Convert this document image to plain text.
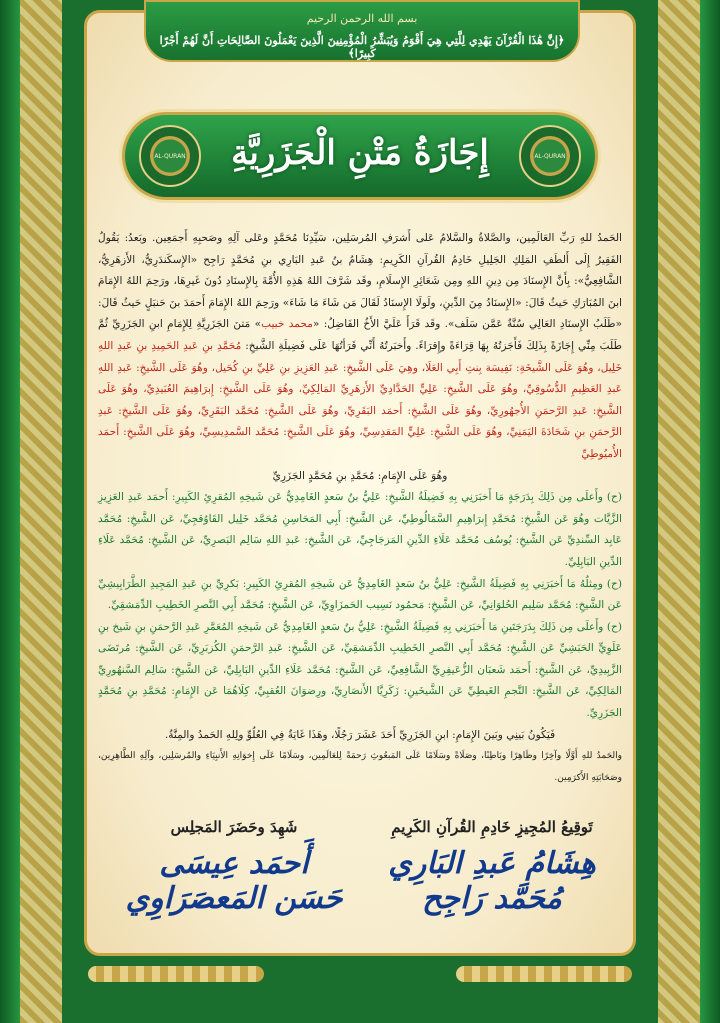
بسم الله الرحمن الرحيم
﴿إِنَّ هَٰذَا الْقُرْآنَ يَهْدِي لِلَّتِي هِيَ أَقْوَمُ وَيُبَشِّرُ الْمُؤْمِنِينَ الَّذِينَ يَعْمَلُونَ الصَّالِحَاتِ أَنَّ لَهُمْ أَجْرًا كَبِيرًا﴾
AL-QURAN	إِجَازَةُ مَتْنِ الْجَزَرِيَّةِ	AL-QURAN

الحَمدُ للهِ رَبِّ العَالَمِين، والصَّلاةُ والسَّلامُ عَلى أَشرَفِ المُرسَلِين، سَيِّدِنَا مُحَمَّدٍ وعَلى آلِهِ وصَحبِهِ أَجمَعِين. وبَعدُ: يَقُولُ الفَقِيرُ إِلَى أَلطَفِ المَلِكِ الجَلِيلِ خَادِمُ القُرآنِ الكَرِيمِ: هِشَامُ بنُ عَبدِ البَارِي بنِ مُحَمَّدٍ رَاجِح «الإِسكَندَرِيُّ، الأَزهَرِيُّ، الشَّافِعِيُّ»: بِأَنَّ الإِسنَادَ مِن دِينِ اللهِ ومِن شَعَائِرِ الإِسلَامِ، وقَد شَرَّفَ اللهُ هَذِهِ الأُمَّةَ بِالإِسنَادِ دُونَ غَيرِهَا، ورَحِمَ اللهُ الإِمَامَ ابنَ المُبَارَكِ حَيثُ قَالَ: «الإِسنَادُ مِنَ الدِّينِ، ولَولَا الإِسنَادُ لَقَالَ مَن شَاءَ مَا شَاءَ» ورَحِمَ اللهُ الإِمَامَ أَحمَدَ بنَ حَنبَلٍ حَيثُ قَالَ: «طَلَبُ الإِسنَادِ العَالِي سُنَّةٌ عَمَّن سَلَف». وقَد قَرَأَ عَلَيَّ الأَخُ الفَاضِلُ: «محمد خبيب» مَتنَ الجَزَرِيَّةِ لِلإِمَامِ ابنِ الجَزَرِيِّ ثُمَّ طَلَبَ مِنِّي إِجَازَةً بِذَلِكَ فَأَجَزتُهُ بِهَا قِرَاءَةً وإِقرَاءً. وأَخبَرتُهُ أَنِّي قَرَأتُهَا عَلَى فَضِيلَةِ الشَّيخِ: مُحَمَّدِ بنِ عَبدِ الحَمِيدِ بنِ عَبدِ اللهِ خَلِيل، وهُوَ عَلَى الشَّيخَةِ: نَفِيسَة بِنتِ أَبِي العَلَا، وهِيَ عَلَى الشَّيخِ: عَبدِ العَزِيزِ بنِ عَلِيِّ بنِ كُحَيل، وهُوَ عَلَى الشَّيخِ: عَبدِ اللهِ عَبدِ العَظِيمِ الدُّسُوقِيِّ، وهُوَ عَلَى الشَّيخِ: عَلِيٍّ الحَدَّادِيِّ الأَزهَرِيِّ المَالِكِيِّ، وهُوَ عَلَى الشَّيخِ: إِبرَاهِيمَ العُبَيدِيِّ، وهُوَ عَلَى الشَّيخِ: عَبدِ الرَّحمَنِ الأُجهُورِيِّ، وهُوَ عَلَى الشَّيخِ: أَحمَد البَقَرِيِّ، وهُوَ عَلَى الشَّيخِ: مُحَمَّد البَقَرِيِّ، وهُوَ عَلَى الشَّيخِ: عَبدِ الرَّحمَنِ بنِ شَحَادَةَ اليَمَنِيِّ، وهُوَ عَلَى الشَّيخِ: عَلِيٍّ المَقدِسِيِّ، وهُوَ عَلَى الشَّيخِ: مُحَمَّد السَّمدِيسِيِّ، وهُوَ عَلَى الشَّيخِ: أَحمَد الأُميُوطِيِّ

وهُوَ عَلَى الإِمَامِ: مُحَمَّدِ بنِ مُحَمَّدٍ الجَزَرِيِّ

(ح) وأَعلَى مِن ذَلِكَ بِدَرَجَةٍ مَا أَخبَرَنِي بِهِ فَضِيلَةُ الشَّيخِ: عَلِيُّ بنُ سَعدٍ الغَامِدِيُّ عَن شَيخِهِ المُقرِئِ الكَبِيرِ: أَحمَد عَبدِ العَزِيزِ الزَّيَّات وهُوَ عَن الشَّيخِ: مُحَمَّدِ إِبرَاهِيمِ السَّمَالُوطِيِّ، عَن الشَّيخِ: أَبِي المَحَاسِنِ مُحَمَّد خَلِيل القَاوُقجِيِّ، عَن الشَّيخِ: مُحَمَّد عَابِد السِّندِيِّ عَن الشَّيخِ: يُوسُف مُحَمَّد عَلَاءِ الدِّينِ المَزجَاجِيِّ، عَن الشَّيخِ: عَبدِ اللهِ سَالِم البَصرِيِّ، عَن الشَّيخِ: مُحَمَّد عَلَاءِ الدِّينِ البَابِلِيِّ.

(ح) ومِثلُهُ مَا أَخبَرَنِي بِهِ فَضِيلَةُ الشَّيخِ: عَلِيُّ بنُ سَعدٍ الغَامِدِيُّ عَن شَيخِهِ المُقرِئِ الكَبِيرِ: بَكرِيِّ بنِ عَبدِ المَجِيدِ الطَّرَابِيشِيِّ عَن الشَّيخِ: مُحَمَّد سَلِيم الحُلوَانِيِّ، عَن الشَّيخِ: مَحمُود نَسِيب الحَمزَاوِيِّ، عَن الشَّيخِ: مُحَمَّد أَبِي النَّصرِ الخَطِيبِ الدِّمَشقِيِّ.

(ح) وأَعلَى مِن ذَلِكَ بِدَرَجَتَينِ مَا أَخبَرَنِي بِهِ فَضِيلَةُ الشَّيخِ: عَلِيُّ بنُ سَعدٍ الغَامِدِيُّ عَن شَيخِهِ المُعَمَّرِ عَبدِ الرَّحمَنِ بنِ شَيخ بنِ عَلَوِيٍّ الحَبَشِيِّ عَن الشَّيخِ: مُحَمَّد أَبِي النَّصرِ الخَطِيبِ الدِّمَشقِيِّ، عَن الشَّيخِ: عَبدِ الرَّحمَنِ الكُزبَرِيِّ، عَن الشَّيخِ: مُرتَضَى الزَّبِيدِيِّ، عَن الشَّيخِ: أَحمَد شَعبَان الزُّعَيفِرِيِّ الشَّافِعِيِّ، عَن الشَّيخِ: مُحَمَّد عَلَاءِ الدِّينِ البَابِلِيِّ، عَن الشَّيخِ: سَالِم السَّنهُورِيِّ المَالِكِيِّ، عَن الشَّيخِ: النَّجمِ الغَيطِيِّ عَن الشَّيخَينِ: زَكَرِيَّا الأَنصَارِيِّ، ورِضوَانَ العُقبِيِّ، كِلَاهُمَا عَن الإِمَامِ: مُحَمَّدِ بنِ مُحَمَّدٍ الجَزَرِيِّ.

فَيَكُونُ بَينِي وبَينَ الإِمَامِ: ابنِ الجَزَرِيِّ أَحَدَ عَشَرَ رَجُلًا، وهَذَا غَايَةٌ فِي العُلُوِّ ولِلهِ الحَمدُ والمِنَّةُ.

والحَمدُ للهِ أَوَّلًا وآخِرًا وظَاهِرًا وبَاطِنًا، وصَلَاةً وسَلَامًا عَلَى المَبعُوثِ رَحمَةً لِلعَالَمِين، وسَلَامًا عَلَى إِخوَانِهِ الأَنبِيَاءِ والمُرسَلِين، وآلِهِ الطَّاهِرِين، وصَحَابَتِهِ الأَكرَمِين.

تَوقِيعُ المُجِيزِ خَادِمِ القُرآنِ الكَرِيمِ
هِشَامُ عَبدِ البَارِي مُحَمَّد رَاجِح
شَهِدَ وحَضَرَ المَجلِس
أَحمَد عِيسَى حَسَن المَعصَرَاوِي
